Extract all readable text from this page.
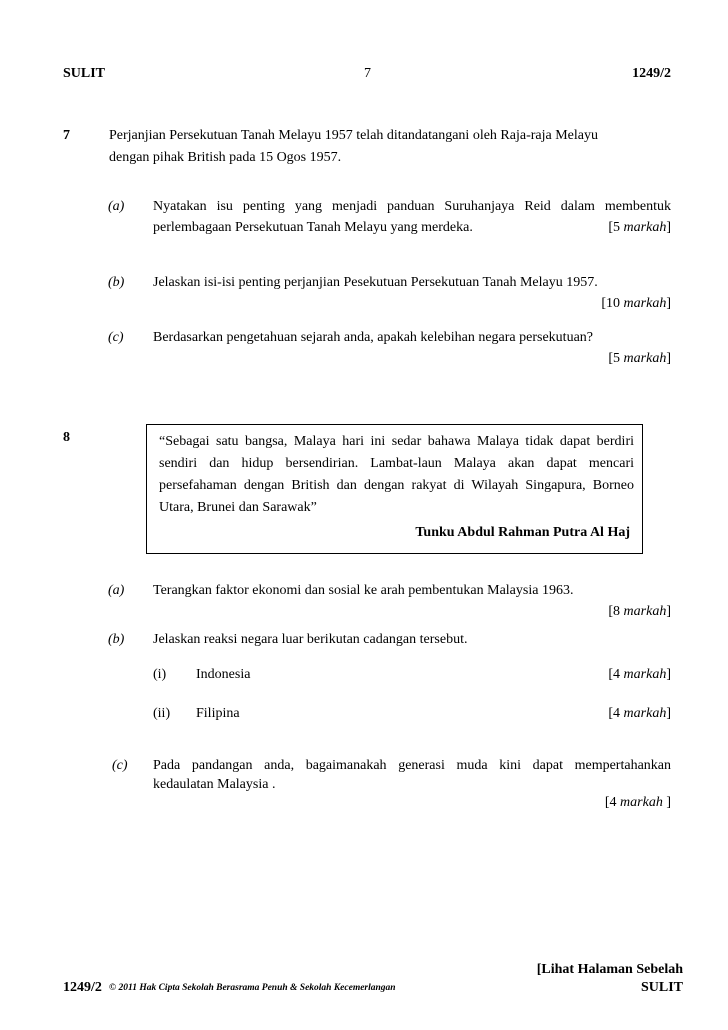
SULIT	7	1249/2
7	Perjanjian Persekutuan Tanah Melayu 1957 telah ditandatangani oleh Raja-raja Melayu
dengan pihak British pada 15 Ogos 1957.
(a) Nyatakan isu penting yang menjadi panduan Suruhanjaya Reid dalam membentuk
perlembagaan Persekutuan Tanah Melayu yang merdeka.	[5 markah]
(b) Jelaskan isi-isi penting perjanjian Pesekutuan Persekutuan Tanah Melayu 1957.
[10 markah]
(c) Berdasarkan pengetahuan sejarah anda, apakah kelebihan negara persekutuan?
[5 markah]
8	“Sebagai satu bangsa, Malaya hari ini sedar bahawa Malaya tidak dapat berdiri
sendiri dan hidup bersendirian. Lambat-laun Malaya akan dapat mencari
persefahaman dengan British dan dengan rakyat di Wilayah Singapura, Borneo
Utara, Brunei dan Sarawak”
Tunku Abdul Rahman Putra Al Haj
(a) Terangkan faktor ekonomi dan sosial ke arah pembentukan Malaysia 1963.
[8 markah]
(b) Jelaskan reaksi negara luar berikutan cadangan tersebut.
(i) Indonesia	[4 markah]
(ii) Filipina	[4 markah]
(c) Pada pandangan anda, bagaimanakah generasi muda kini dapat mempertahankan
kedaulatan Malaysia .
[4 markah ]
[Lihat Halaman Sebelah
1249/2 © 2011 Hak Cipta Sekolah Berasrama Penuh & Sekolah Kecemerlangan	SULIT
